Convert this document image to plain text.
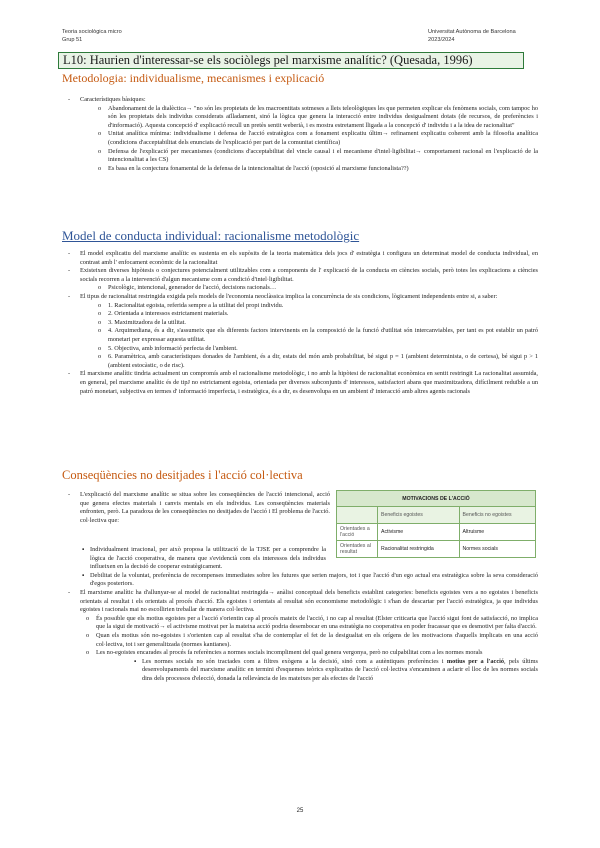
Teoria sociològica micro
Grup 51
Universitat Autònoma de Barcelona
2023/2024
L10: Haurien d'interessar-se els sociòlegs pel marxisme analític? (Quesada, 1996)
Metodologia: individualisme, mecanismes i explicació
- Característiques bàsiques:
o Abandonament de la dialèctica→ "no són les propietats de les macroentitats sotmeses a lleis teleològiques les que permeten explicar els fenòmens socials, com tampoc ho són les propietats dels individus considerats aïlladament, sinó la lògica que genera la interacció entre individus desigualment dotats (de recursos, de preferències i d'informació). Aquesta concepció d' explicació recull un pretès sentit weberià, i es mostra estretament lligada a la concepció d' individu i a la idea de racionalitat"
o Unitat analítica mínima: individualisme i defensa de l'acció estratègica com a fonament explicatiu últim→ refinament explicatiu coherent amb la filosofia analítica (condicions d'acceptabilitat dels enunciats de l'explicació per part de la comunitat científica)
o Defensa de l'explicació per mecanismes (condicions d'acceptabilitat del vincle causal i el mecanisme d'intel·ligibilitat→ comportament racional en l'explicació de la intencionalitat a les CS)
o Es basa en la conjectura fonamental de la defensa de la intencionalitat de l'acció (oposició al marxisme funcionalista??)
Model de conducta individual: racionalisme metodològic
- El model explicatiu del marxisme analític es sustenta en els supòsits de la teoria matemàtica dels jocs d' estratègia i configura un determinat model de conducta individual, en contrast amb l' enfocament econòmic de la racionalitat
- Existeixen diverses hipòtesis o conjectures potencialment utilitzables com a components de l' explicació de la conducta en ciències socials, però totes les explicacions a ciències socials recorren a la intervenció d'algun mecanisme com a condició d'intel·ligibilitat.
o Psicològic, intencional, generador de l'acció, decisions racionals…
- El tipus de racionalitat restringida exigida pels models de l'economia neoclàssica implica la concurrència de sis condicions, lògicament independents entre si, a saber:
o 1. Racionalitat egoista, referida sempre a la utilitat del propi individu.
o 2. Orientada a interessos estrictament materials.
o 3. Maximitzadora de la utilitat.
o 4. Arquimediana, és a dir, s'assumeix que els diferents factors intervinents en la composició de la funció d'utilitat són intercanviables, per tant es pot establir un patró monetari per expressar aquesta utilitat.
o 5. Objectiva, amb informació perfecta de l'ambient.
o 6. Paramètrica, amb característiques donades de l'ambient, és a dir, estats del món amb probabilitat, bé sigui p = 1 (ambient determinista, o de certesa), bé sigui p > 1 (ambient estocàstic, o de risc).
- El marxisme analític tindria actualment un compromís amb el racionalisme metodològic, i no amb la hipòtesi de racionalitat econòmica en sentit restringit La racionalitat assumida, en general, pel marxisme analític és de tipJ no estrictament egoista, orientada per diversos subconjunts d' interessos, satisfactori abans que maximitzadora, difícilment reduïble a un patró monetari, subjectiva en termes d' informació imperfecta, i estratègica, és a dir, es desenvolupa en un ambient d' interacció amb altres agents racionals
Conseqüències no desitjades i l'acció col·lectiva
- L'explicació del marxisme analític se situa sobre les conseqüències de l'acció intencional, acció que genera efectes materials i canvis mentals en els individus. Les conseqüències materials enfronten, però. La paradoxa de les conseqüències no desitjades de l'acció i El problema de l'acció. col·lectiva que:
MOTIVACIONS DE L'ACCIÓ		
	Beneficis egoistes	Beneficis no egoistes
Orientades a l'acció	Activisme	Altruisme
Orientades al resultat	Racionalitat restringida	Normes socials
▪ Individualment irracional, per això proposa la utilització de la TJSE per a comprendre la lògica de l'acció cooperativa, de manera que s'evidencià com els interessos dels individus influeixen en la decisió de cooperar estratègicament.
▪ Debilitat de la voluntat, preferència de recompenses immediates sobre les futures que serien majors, tot i que l'acció d'un ego actual era estratègica sobre la seva consideració d'egos posteriors.
- El marxisme analític ha d'allunyar-se al model de racionalitat restringida→ anàlisi conceptual dels beneficis establint categories: beneficis egoistes vers a no egoistes i beneficis orientats al resultat i els orientats al procés d'acció. Els egoistes i orientats al resultat són economisme metodològic i s'han de descartar per l'acció estratègica, ja que individus egoistes i racionals mai no escollirien treballar de manera col·lectiva.
o És possible que els motius egoistes per a l'acció s'orientin cap al procés mateix de l'acció, i no cap al resultat (Elster criticaria que l'acció sigui font de satisfacció, no implica que la sigui de motivació→ el activisme motivat per la mateixa acció podria desembocar en una estratègia no cooperativa en poder fracassar que es desmotivi per falta d'acció.
o Quan els motius són no-egoistes i s'orienten cap al resultat s'ha de contemplar el fet de la desigualtat en els orígens de les motivacions d'aquells implicats en una acció col·lectiva, tot i ser generalitzada (normes kantianes).
o Les no-egoistes encarades al procés fa referències a normes socials incompliment del qual genera vergonya, però no culpabilitat com a les normes morals
▪ Les normes socials no són tractades com a filtres exògens a la decisió, sinó com a autèntiques preferències i motius per a l'acció, pels últims desenvolupaments del marxisme analític en termini d'esquemes teòrics explicatius de l'acció col·lectiva s'encaminen a aclarir el lloc de les normes socials dins dels processos d'elecció, donada la rellevància de les mateixes per als efectes de l'acció
25
